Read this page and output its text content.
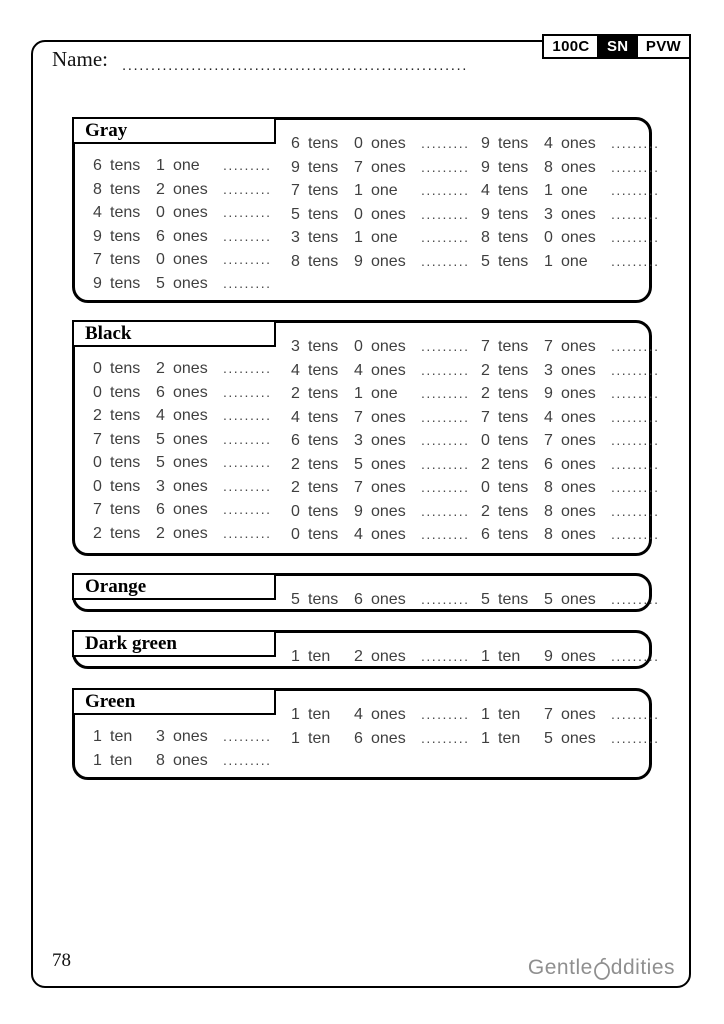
100C	SN	PVW
Name: ............................................................
Gray
6 tens 1 one	.........
8 tens 2 ones	.........
4 tens 0 ones	.........
9 tens 6 ones	.........
7 tens 0 ones	.........
9 tens 5 ones	.........
6 tens 0 ones	.........
9 tens 7 ones	.........
7 tens 1 one	.........
5 tens 0 ones	.........
3 tens 1 one	.........
8 tens 9 ones	.........
9 tens 4 ones	.........
9 tens 8 ones	.........
4 tens 1 one	.........
9 tens 3 ones	.........
8 tens 0 ones	.........
5 tens 1 one	.........
Black
0 tens 2 ones	.........
0 tens 6 ones	.........
2 tens 4 ones	.........
7 tens 5 ones	.........
0 tens 5 ones	.........
0 tens 3 ones	.........
7 tens 6 ones	.........
2 tens 2 ones	.........
3 tens 0 ones	.........
4 tens 4 ones	.........
2 tens 1 one	.........
4 tens 7 ones	.........
6 tens 3 ones	.........
2 tens 5 ones	.........
2 tens 7 ones	.........
0 tens 9 ones	.........
0 tens 4 ones	.........
7 tens 7 ones	.........
2 tens 3 ones	.........
2 tens 9 ones	.........
7 tens 4 ones	.........
0 tens 7 ones	.........
2 tens 6 ones	.........
0 tens 8 ones	.........
2 tens 8 ones	.........
6 tens 8 ones	.........
Orange
5 tens 6 ones	......... 5 tens 5 ones	.........
Dark green
1 ten	2 ones	......... 1 ten	9 ones	.........
Green
1 ten	3 ones	.........
1 ten	8 ones	.........
1 ten	4 ones	.........
1 ten	6 ones	.........
1 ten	7 ones	.........
1 ten	5 ones	.........
78	Gentle ddities
